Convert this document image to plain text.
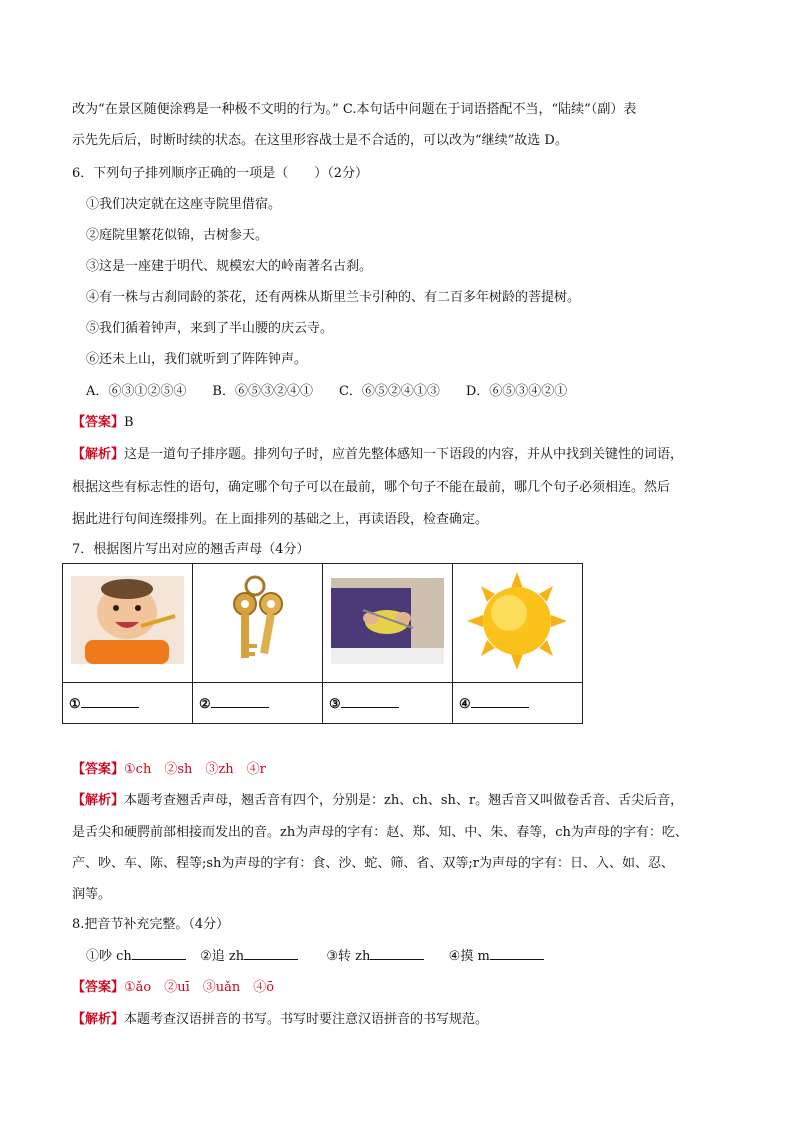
改为“在景区随便涂鸦是一种极不文明的行为。” C.本句话中问题在于词语搭配不当，“陆续”（副）表
示先先后后，时断时续的状态。在这里形容战士是不合适的，可以改为“继续”故选 D。
6．下列句子排列顺序正确的一项是（　　）（2分）
①我们决定就在这座寺院里借宿。
②庭院里繁花似锦，古树参天。
③这是一座建于明代、规模宏大的岭南著名古刹。
④有一株与古刹同龄的茶花，还有两株从斯里兰卡引种的、有二百多年树龄的菩提树。
⑤我们循着钟声，来到了半山腰的庆云寺。
⑥还未上山，我们就听到了阵阵钟声。
A．⑥③①②⑤④　　B．⑥⑤③②④①　　C．⑥⑤②④①③　　D．⑥⑤③④②①
【答案】B
【解析】这是一道句子排序题。排列句子时，应首先整体感知一下语段的内容，并从中找到关键性的词语，
根据这些有标志性的语句，确定哪个句子可以在最前，哪个句子不能在最前，哪几个句子必须相连。然后
据此进行句间连缀排列。在上面排列的基础之上，再读语段，检查确定。
7．根据图片写出对应的翘舌声母（4分）

①	②	③	④
【答案】①ch　②sh　③zh　④r
【解析】本题考查翘舌声母，翘舌音有四个，分别是：zh、ch、sh、r。翘舌音又叫做卷舌音、舌尖后音，
是舌尖和硬腭前部相接而发出的音。zh为声母的字有：赵、郑、知、中、朱、春等，ch为声母的字有：吃、
产、吵、车、陈、程等;sh为声母的字有：食、沙、蛇、筛、省、双等;r为声母的字有：日、入、如、忍、
润等。
8.把音节补充完整。（4分）
①吵 ch	②追 zh	③转 zh	④摸 m
【答案】①ǎo　②uī　③uǎn　④ō
【解析】本题考查汉语拼音的书写。书写时要注意汉语拼音的书写规范。
